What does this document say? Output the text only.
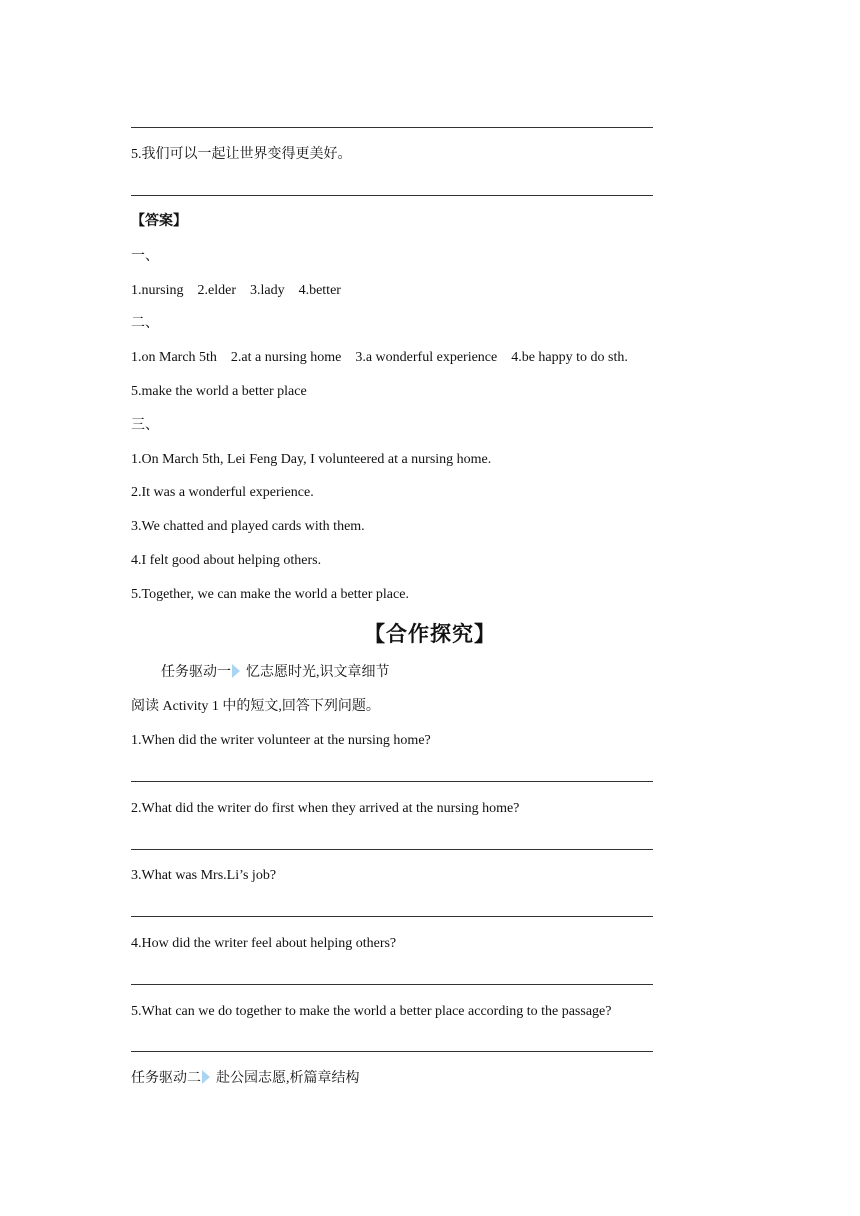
5.我们可以一起让世界变得更美好。
【答案】
一、
1.nursing　2.elder　3.lady　4.better
二、
1.on March 5th　2.at a nursing home　3.a wonderful experience　4.be happy to do sth.
5.make the world a better place
三、
1.On March 5th, Lei Feng Day, I volunteered at a nursing home.
2.It was a wonderful experience.
3.We chatted and played cards with them.
4.I felt good about helping others.
5.Together, we can make the world a better place.
【合作探究】
任务驱动一 忆志愿时光,识文章细节
阅读 Activity 1 中的短文,回答下列问题。
1.When did the writer volunteer at the nursing home?
2.What did the writer do first when they arrived at the nursing home?
3.What was Mrs.Li’s job?
4.How did the writer feel about helping others?
5.What can we do together to make the world a better place according to the passage?
任务驱动二 赴公园志愿,析篇章结构
